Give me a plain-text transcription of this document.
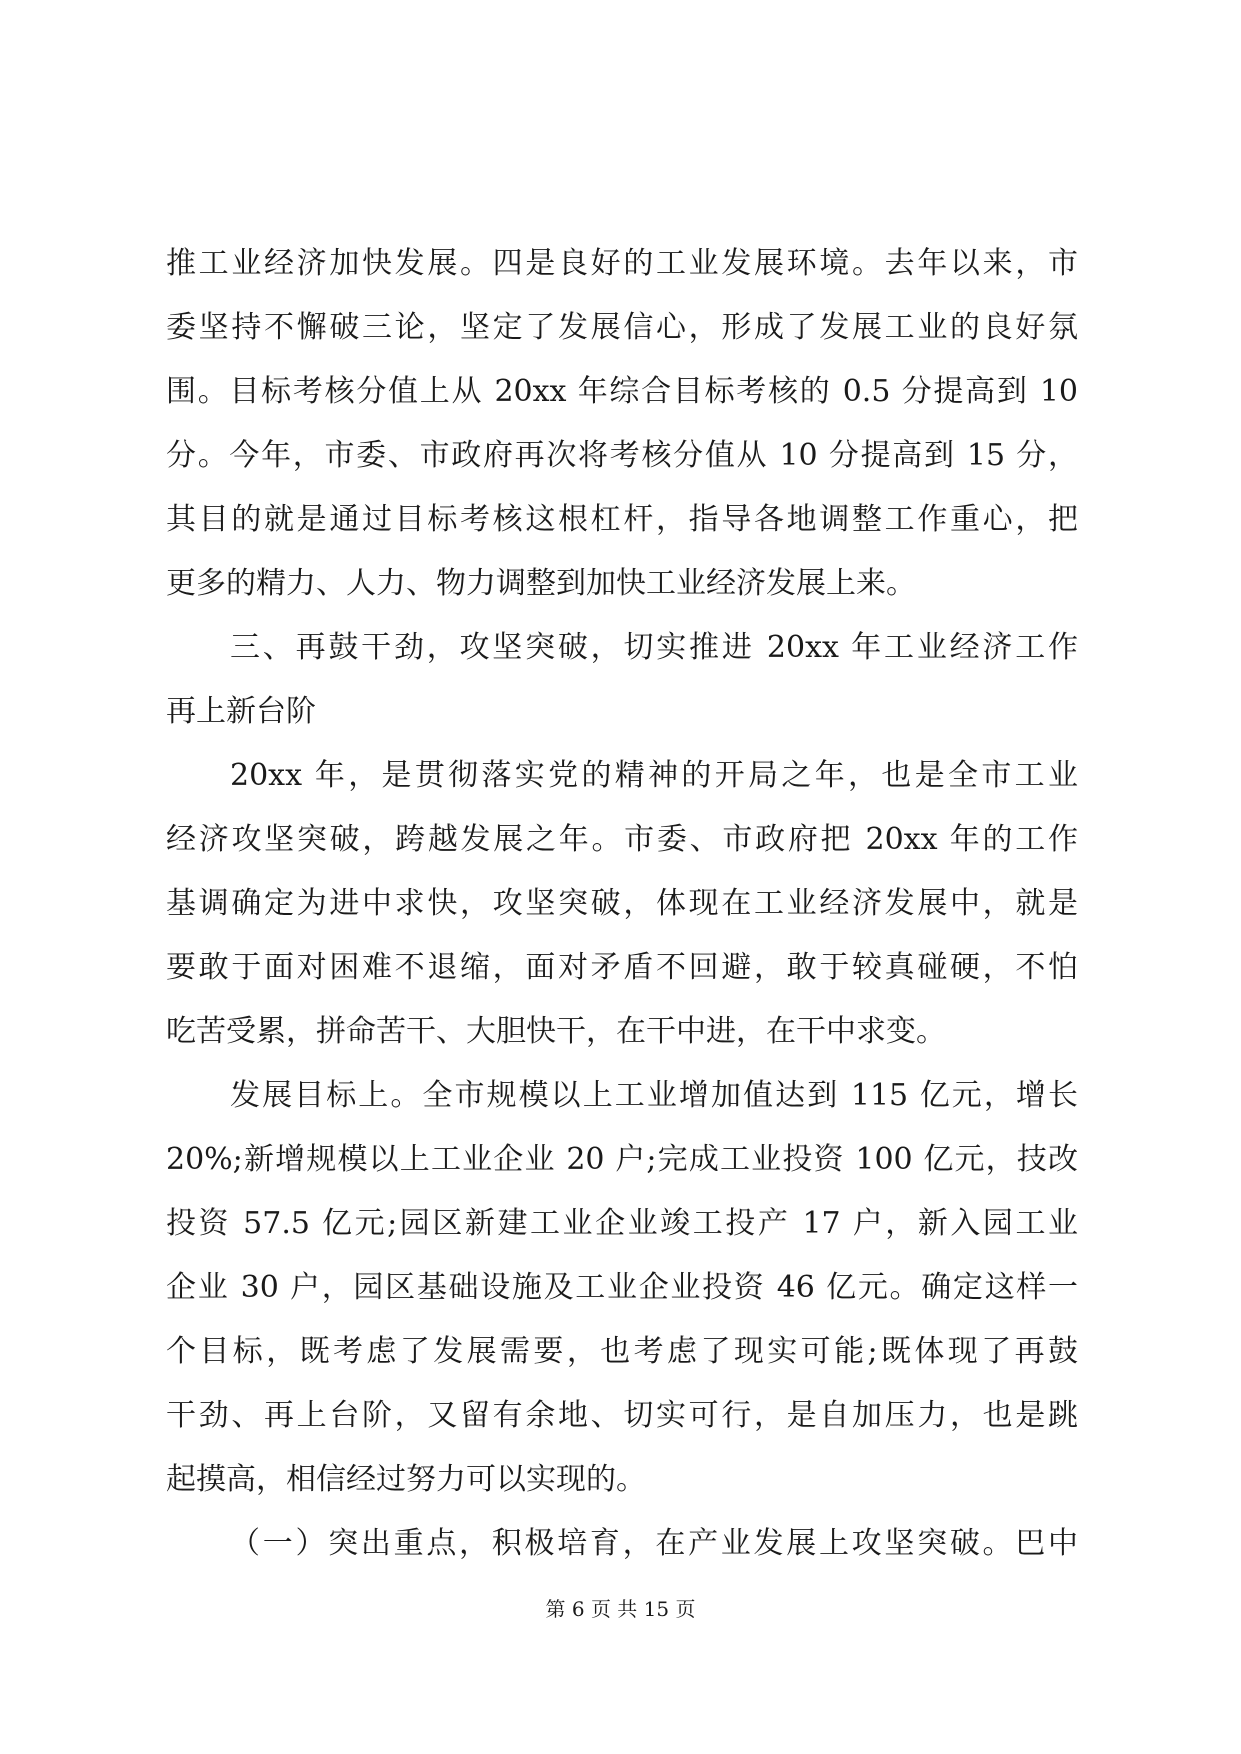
推工业经济加快发展。四是良好的工业发展环境。去年以来，市
委坚持不懈破三论，坚定了发展信心，形成了发展工业的良好氛
围。目标考核分值上从 20xx 年综合目标考核的 0.5 分提高到 10
分。今年，市委、市政府再次将考核分值从 10 分提高到 15 分，
其目的就是通过目标考核这根杠杆，指导各地调整工作重心，把
更多的精力、人力、物力调整到加快工业经济发展上来。
三、再鼓干劲，攻坚突破，切实推进 20xx 年工业经济工作
再上新台阶
20xx 年，是贯彻落实党的精神的开局之年，也是全市工业
经济攻坚突破，跨越发展之年。市委、市政府把 20xx 年的工作
基调确定为进中求快，攻坚突破，体现在工业经济发展中，就是
要敢于面对困难不退缩，面对矛盾不回避，敢于较真碰硬，不怕
吃苦受累，拼命苦干、大胆快干，在干中进，在干中求变。
发展目标上。全市规模以上工业增加值达到 115 亿元，增长
20%;新增规模以上工业企业 20 户;完成工业投资 100 亿元，技改
投资 57.5 亿元;园区新建工业企业竣工投产 17 户，新入园工业
企业 30 户，园区基础设施及工业企业投资 46 亿元。确定这样一
个目标，既考虑了发展需要，也考虑了现实可能;既体现了再鼓
干劲、再上台阶，又留有余地、切实可行，是自加压力，也是跳
起摸高，相信经过努力可以实现的。
（一）突出重点，积极培育，在产业发展上攻坚突破。巴中
第 6 页 共 15 页
